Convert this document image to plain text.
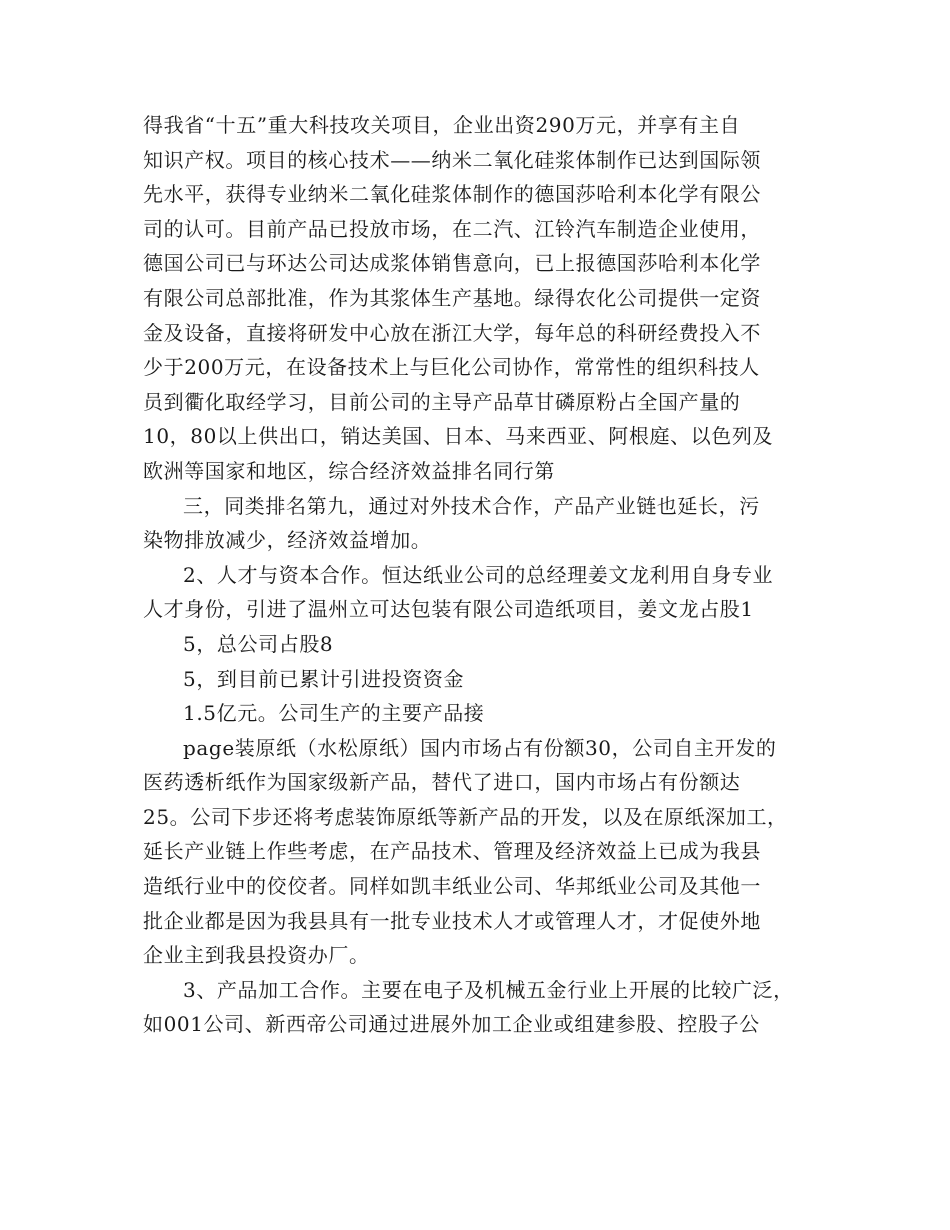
得我省“十五”重大科技攻关项目，企业出资290万元，并享有主自
知识产权。项目的核心技术——纳米二氧化硅浆体制作已达到国际领
先水平，获得专业纳米二氧化硅浆体制作的德国莎哈利本化学有限公
司的认可。目前产品已投放市场，在二汽、江铃汽车制造企业使用，
德国公司已与环达公司达成浆体销售意向，已上报德国莎哈利本化学
有限公司总部批准，作为其浆体生产基地。绿得农化公司提供一定资
金及设备，直接将研发中心放在浙江大学，每年总的科研经费投入不
少于200万元，在设备技术上与巨化公司协作，常常性的组织科技人
员到衢化取经学习，目前公司的主导产品草甘磷原粉占全国产量的
10，80以上供出口，销达美国、日本、马来西亚、阿根庭、以色列及
欧洲等国家和地区，综合经济效益排名同行第
三，同类排名第九，通过对外技术合作，产品产业链也延长，污
染物排放减少，经济效益增加。
2、人才与资本合作。恒达纸业公司的总经理姜文龙利用自身专业
人才身份，引进了温州立可达包装有限公司造纸项目，姜文龙占股1
5，总公司占股8
5，到目前已累计引进投资资金
1.5亿元。公司生产的主要产品接
page装原纸（水松原纸）国内市场占有份额30，公司自主开发的
医药透析纸作为国家级新产品，替代了进口，国内市场占有份额达
25。公司下步还将考虑装饰原纸等新产品的开发，以及在原纸深加工，
延长产业链上作些考虑，在产品技术、管理及经济效益上已成为我县
造纸行业中的佼佼者。同样如凯丰纸业公司、华邦纸业公司及其他一
批企业都是因为我县具有一批专业技术人才或管理人才，才促使外地
企业主到我县投资办厂。
3、产品加工合作。主要在电子及机械五金行业上开展的比较广泛，
如001公司、新西帝公司通过进展外加工企业或组建参股、控股子公
